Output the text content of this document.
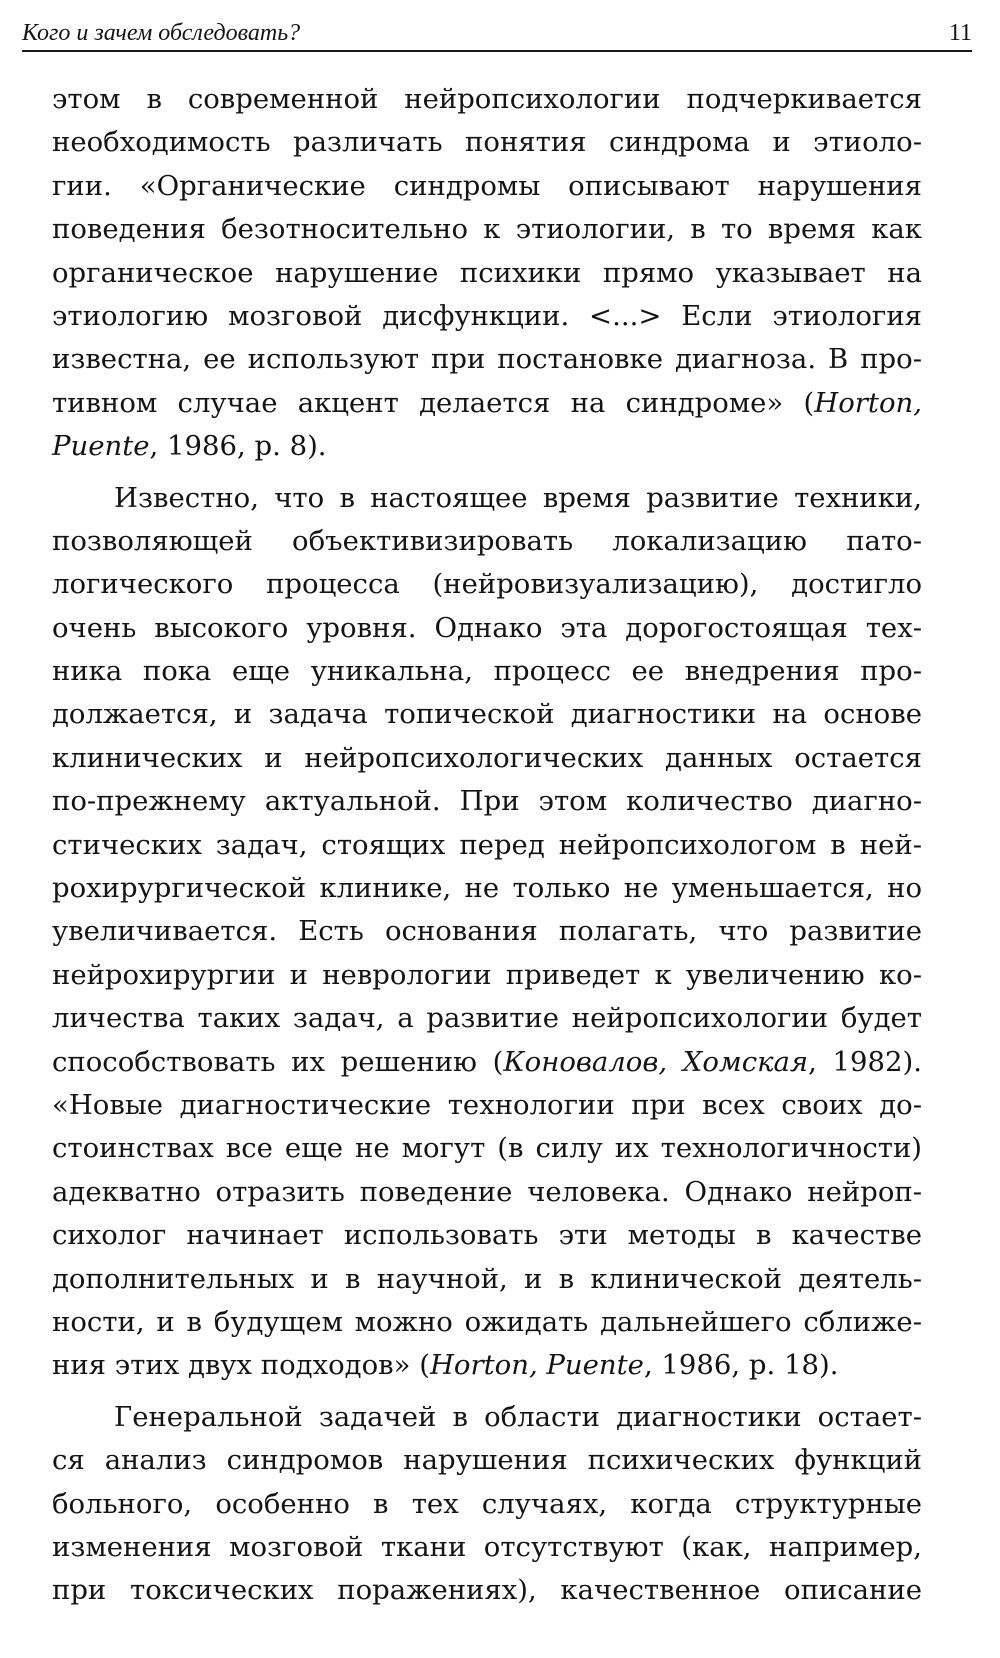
Кого и зачем обследовать?	11
этом в современной нейропсихологии подчеркивается
необходимость различать понятия синдрома и этиоло-
гии. «Органические синдромы описывают нарушения
поведения безотносительно к этиологии, в то время как
органическое нарушение психики прямо указывает на
этиологию мозговой дисфункции. <...> Если этиология
известна, ее используют при постановке диагноза. В про-
тивном случае акцент делается на синдроме» (Horton,
Puente, 1986, p. 8).
Известно, что в настоящее время развитие техники,
позволяющей объективизировать локализацию пато-
логического процесса (нейровизуализацию), достигло
очень высокого уровня. Однако эта дорогостоящая тех-
ника пока еще уникальна, процесс ее внедрения про-
должается, и задача топической диагностики на основе
клинических и нейропсихологических данных остается
по-прежнему актуальной. При этом количество диагно-
стических задач, стоящих перед нейропсихологом в ней-
рохирургической клинике, не только не уменьшается, но
увеличивается. Есть основания полагать, что развитие
нейрохирургии и неврологии приведет к увеличению ко-
личества таких задач, а развитие нейропсихологии будет
способствовать их решению (Коновалов, Хомская, 1982).
«Новые диагностические технологии при всех своих до-
стоинствах все еще не могут (в силу их технологичности)
адекватно отразить поведение человека. Однако нейроп-
сихолог начинает использовать эти методы в качестве
дополнительных и в научной, и в клинической деятель-
ности, и в будущем можно ожидать дальнейшего сближе-
ния этих двух подходов» (Horton, Puente, 1986, p. 18).
Генеральной задачей в области диагностики остает-
ся анализ синдромов нарушения психических функций
больного, особенно в тех случаях, когда структурные
изменения мозговой ткани отсутствуют (как, например,
при токсических поражениях), качественное описание
